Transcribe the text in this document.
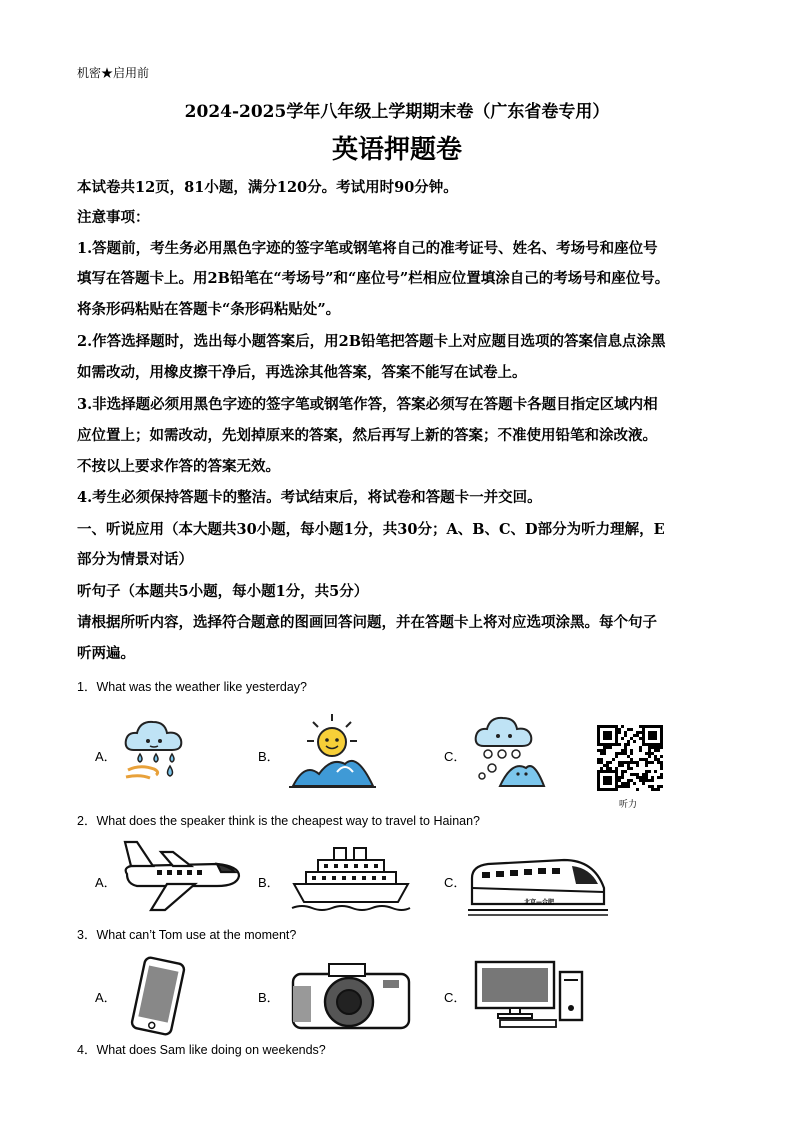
机密★启用前
2024-2025学年八年级上学期期末卷（广东省卷专用）
英语押题卷
本试卷共12页，81小题，满分120分。考试用时90分钟。
注意事项：
1.答题前，考生务必用黑色字迹的签字笔或钢笔将自己的准考证号、姓名、考场号和座位号
填写在答题卡上。用2B铅笔在“考场号”和“座位号”栏相应位置填涂自己的考场号和座位号。
将条形码粘贴在答题卡“条形码粘贴处”。
2.作答选择题时，选出每小题答案后，用2B铅笔把答题卡上对应题目选项的答案信息点涂黑
如需改动，用橡皮擦干净后，再选涂其他答案，答案不能写在试卷上。
3.非选择题必须用黑色字迹的签字笔或钢笔作答，答案必须写在答题卡各题目指定区域内相
应位置上；如需改动，先划掉原来的答案，然后再写上新的答案；不准使用铅笔和涂改液。
不按以上要求作答的答案无效。
4.考生必须保持答题卡的整洁。考试结束后，将试卷和答题卡一并交回。
一、听说应用（本大题共30小题，每小题1分，共30分；A、B、C、D部分为听力理解，E
部分为情景对话）
听句子（本题共5小题，每小题1分，共5分）
请根据所听内容，选择符合题意的图画回答问题，并在答题卡上将对应选项涂黑。每个句子
听两遍。
1．What was the weather like yesterday?
A．	B．	C．
听力
2．What does the speaker think is the cheapest way to travel to Hainan?
A．	B．	C．
北京—合肥
3．What can’t Tom use at the moment?
A．	B．	C．
4．What does Sam like doing on weekends?
